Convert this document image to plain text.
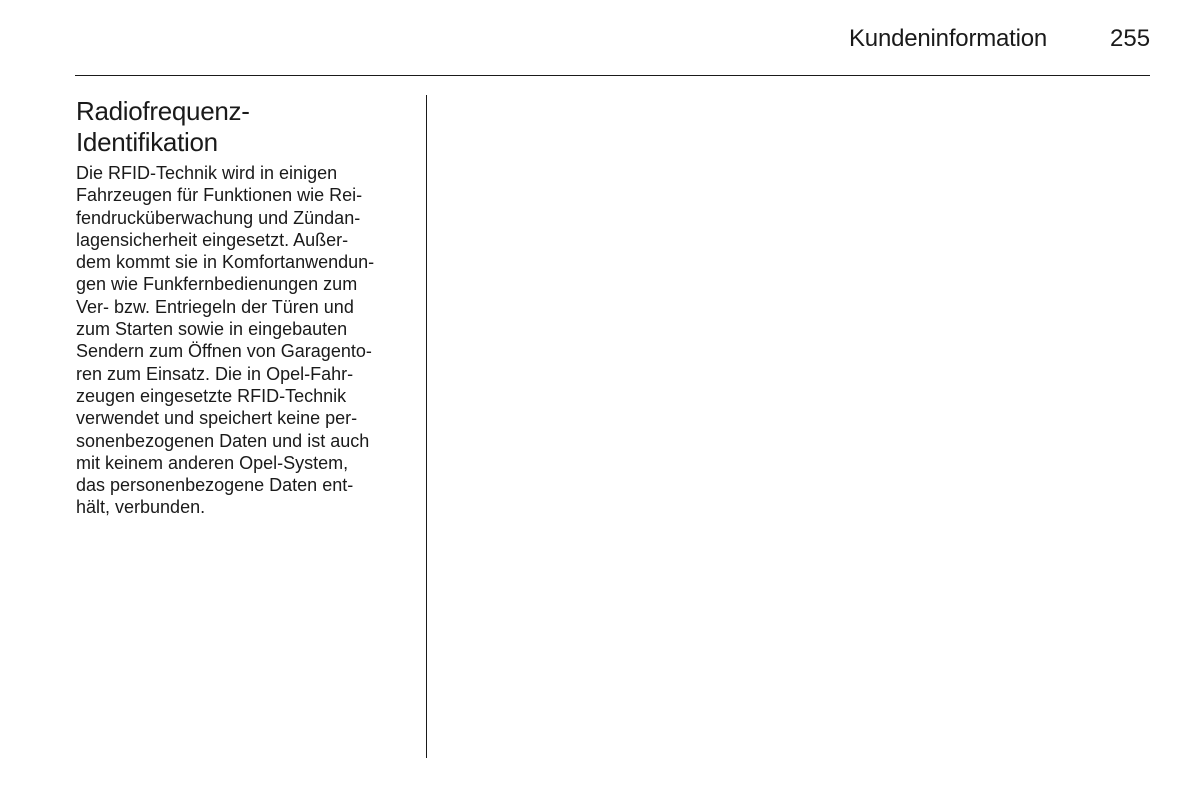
Kundeninformation	255
Radiofrequenz-
Identifikation

Die RFID-Technik wird in einigen
Fahrzeugen für Funktionen wie Rei-
fendrucküberwachung und Zündan-
lagensicherheit eingesetzt. Außer-
dem kommt sie in Komfortanwendun-
gen wie Funkfernbedienungen zum
Ver- bzw. Entriegeln der Türen und
zum Starten sowie in eingebauten
Sendern zum Öffnen von Garagento-
ren zum Einsatz. Die in Opel-Fahr-
zeugen eingesetzte RFID-Technik
verwendet und speichert keine per-
sonenbezogenen Daten und ist auch
mit keinem anderen Opel-System,
das personenbezogene Daten ent-
hält, verbunden.
